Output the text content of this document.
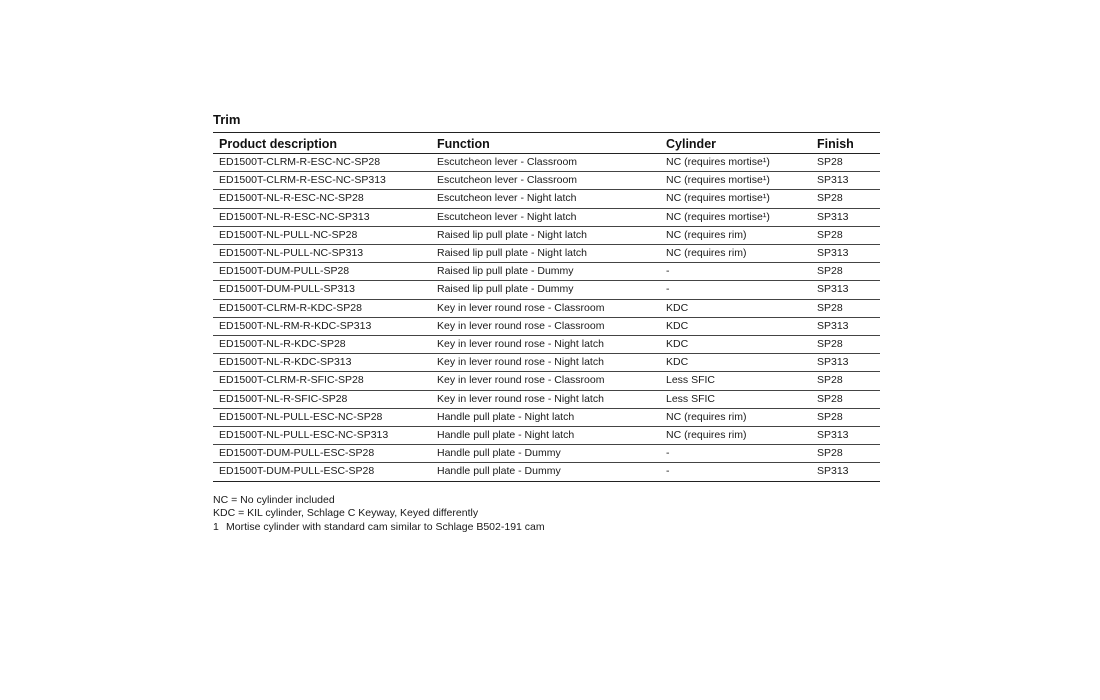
Trim
Product description	Function	Cylinder	Finish
ED1500T-CLRM-R-ESC-NC-SP28	Escutcheon lever - Classroom	NC (requires mortise¹)	SP28
ED1500T-CLRM-R-ESC-NC-SP313	Escutcheon lever - Classroom	NC (requires mortise¹)	SP313
ED1500T-NL-R-ESC-NC-SP28	Escutcheon lever - Night latch	NC (requires mortise¹)	SP28
ED1500T-NL-R-ESC-NC-SP313	Escutcheon lever - Night latch	NC (requires mortise¹)	SP313
ED1500T-NL-PULL-NC-SP28	Raised lip pull plate - Night latch	NC (requires rim)	SP28
ED1500T-NL-PULL-NC-SP313	Raised lip pull plate - Night latch	NC (requires rim)	SP313
ED1500T-DUM-PULL-SP28	Raised lip pull plate - Dummy	-	SP28
ED1500T-DUM-PULL-SP313	Raised lip pull plate - Dummy	-	SP313
ED1500T-CLRM-R-KDC-SP28	Key in lever round rose - Classroom	KDC	SP28
ED1500T-NL-RM-R-KDC-SP313	Key in lever round rose - Classroom	KDC	SP313
ED1500T-NL-R-KDC-SP28	Key in lever round rose - Night latch	KDC	SP28
ED1500T-NL-R-KDC-SP313	Key in lever round rose - Night latch	KDC	SP313
ED1500T-CLRM-R-SFIC-SP28	Key in lever round rose - Classroom	Less SFIC	SP28
ED1500T-NL-R-SFIC-SP28	Key in lever round rose - Night latch	Less SFIC	SP28
ED1500T-NL-PULL-ESC-NC-SP28	Handle pull plate - Night latch	NC (requires rim)	SP28
ED1500T-NL-PULL-ESC-NC-SP313	Handle pull plate - Night latch	NC (requires rim)	SP313
ED1500T-DUM-PULL-ESC-SP28	Handle pull plate - Dummy	-	SP28
ED1500T-DUM-PULL-ESC-SP28	Handle pull plate - Dummy	-	SP313
NC = No cylinder included
KDC = KIL cylinder, Schlage C Keyway, Keyed differently
1 Mortise cylinder with standard cam similar to Schlage B502-191 cam
